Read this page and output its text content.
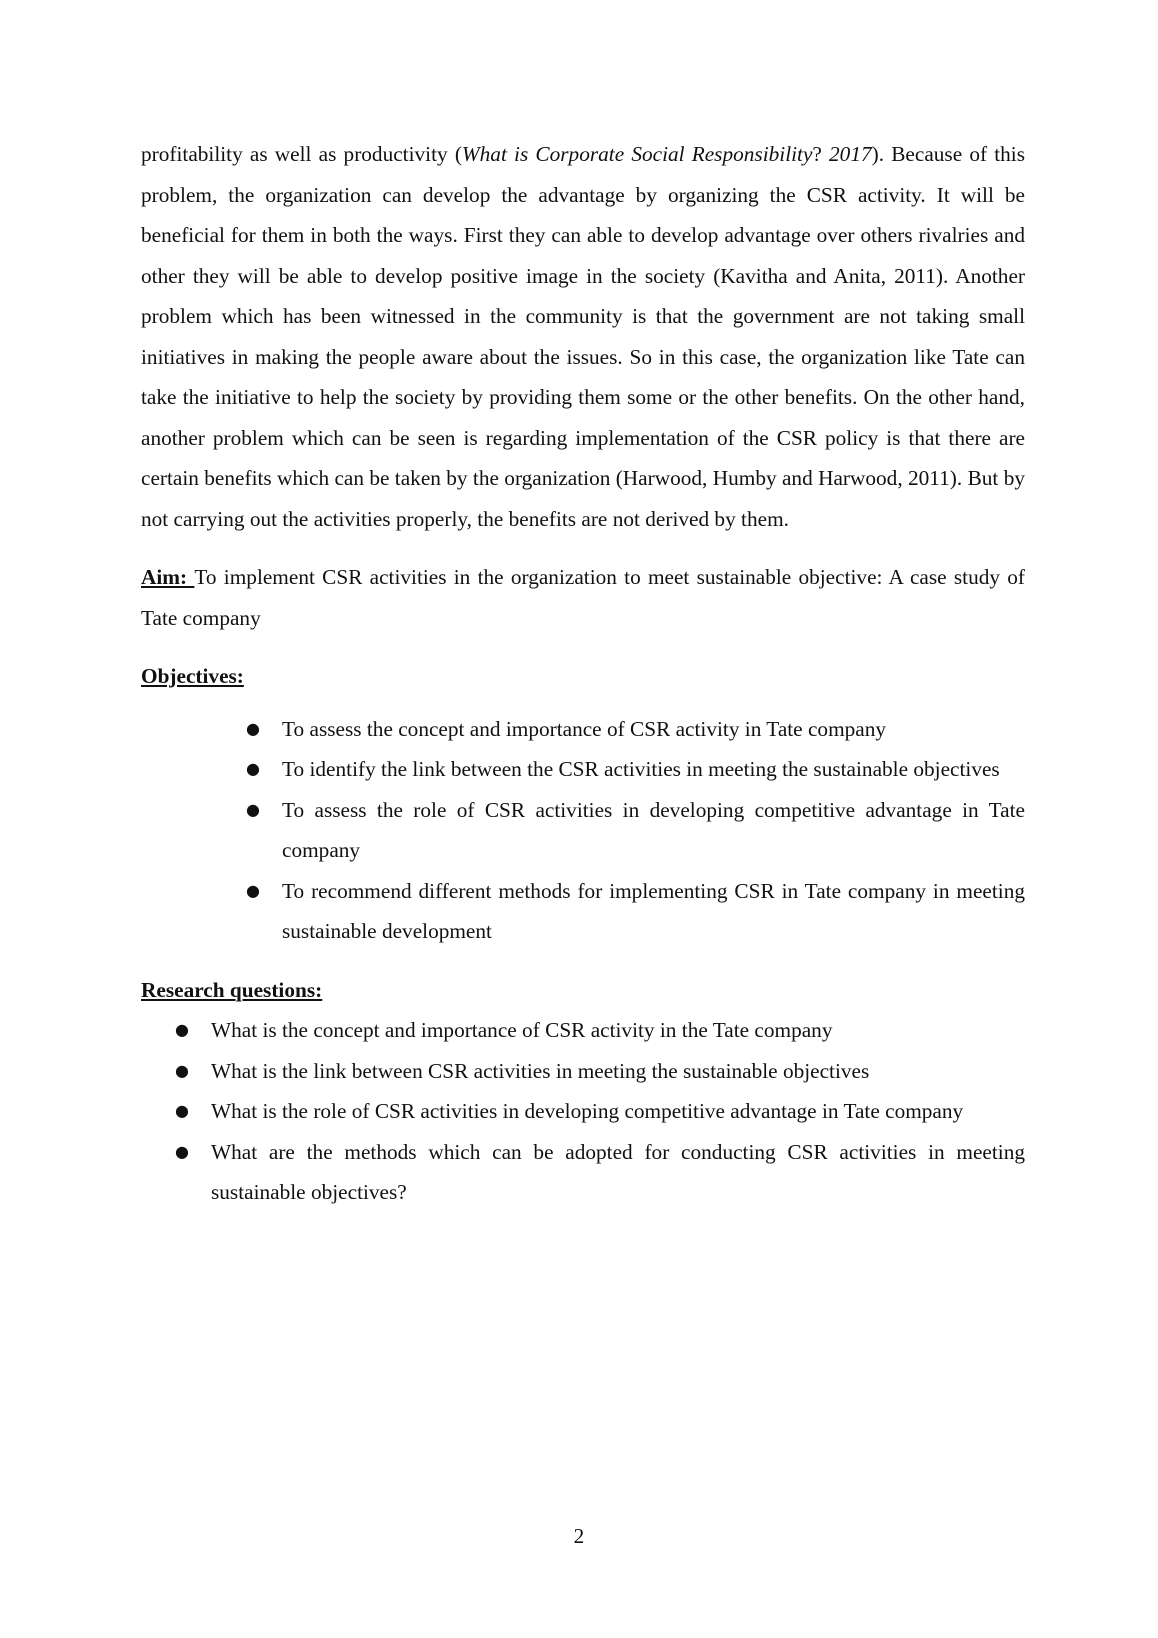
profitability as well as productivity (What is Corporate Social Responsibility? 2017). Because of this problem, the organization can develop the advantage by organizing the CSR activity. It will be beneficial for them in both the ways. First they can able to develop advantage over others rivalries and other they will be able to develop positive image in the society (Kavitha and Anita, 2011). Another problem which has been witnessed in the community is that the government are not taking small initiatives in making the people aware about the issues. So in this case, the organization like Tate can take the initiative to help the society by providing them some or the other benefits. On the other hand, another problem which can be seen is regarding implementation of the CSR policy is that there are certain benefits which can be taken by the organization (Harwood, Humby and Harwood, 2011). But by not carrying out the activities properly, the benefits are not derived by them.

Aim: To implement CSR activities in the organization to meet sustainable objective: A case study of Tate company

Objectives:

● To assess the concept and importance of CSR activity in Tate company
● To identify the link between the CSR activities in meeting the sustainable objectives
● To assess the role of CSR activities in developing competitive advantage in Tate company
● To recommend different methods for implementing CSR in Tate company in meeting sustainable development

Research questions:

● What is the concept and importance of CSR activity in the Tate company
● What is the link between CSR activities in meeting the sustainable objectives
● What is the role of CSR activities in developing competitive advantage in Tate company
● What are the methods which can be adopted for conducting CSR activities in meeting sustainable objectives?
2
